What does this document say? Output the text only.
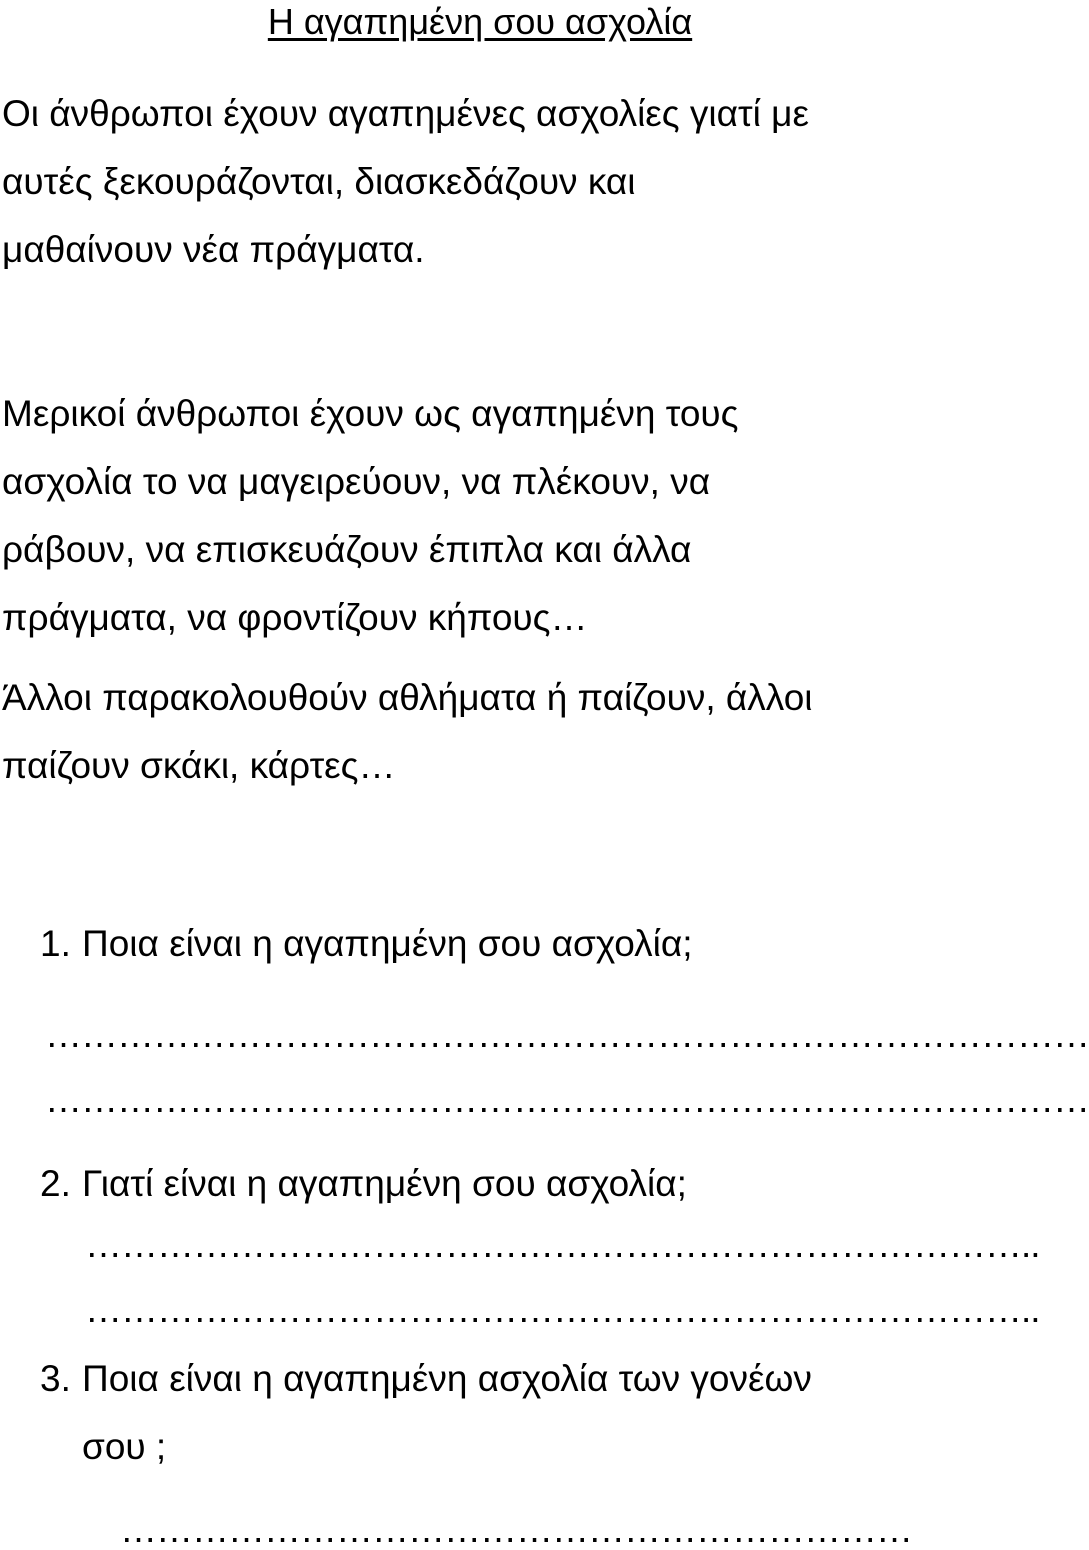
Η αγαπημένη σου ασχολία

Οι άνθρωποι έχουν αγαπημένες ασχολίες γιατί με
αυτές ξεκουράζονται, διασκεδάζουν και
μαθαίνουν νέα πράγματα.

Μερικοί άνθρωποι έχουν ως αγαπημένη τους
ασχολία το να μαγειρεύουν, να πλέκουν, να
ράβουν, να επισκευάζουν έπιπλα και άλλα
πράγματα, να φροντίζουν κήπους…

Άλλοι παρακολουθούν αθλήματα ή παίζουν, άλλοι
παίζουν σκάκι, κάρτες…

1. Ποια είναι η αγαπημένη σου ασχολία;

……………………………………………………………………………

……………………………………………………………………………

2. Γιατί είναι η αγαπημένη σου ασχολία;

……………………………………………………………………..

……………………………………………………………………..

3. Ποια είναι η αγαπημένη ασχολία των γονέων
σου ;

…………………………………………………………
